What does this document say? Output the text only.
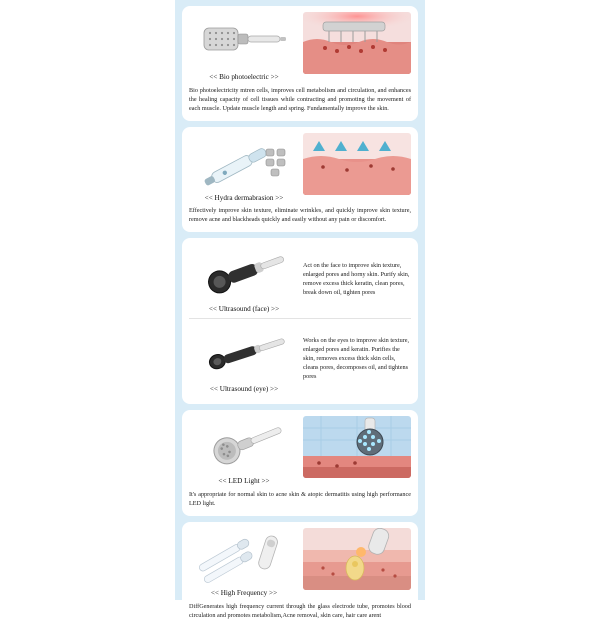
<< Bio photoelectric >>
Bio photoelectricity mtren cells, improves cell metabolism and circulation, and enhances the healing capacity of cell tissues while contracting and promoting the movement of each muscle. Update muscle length and spring. Fundamentally improve the skin.
<< Hydra dermabrasion >>
Effectively improve skin texture, eliminate wrinkles, and quickly improve skin texture, remove acne and blackheads quickly and easily without any pain or discomfort.
<< Ultrasound (face) >>
Act on the face to improve skin texture, enlarged pores and horny skin. Purify skin, remove excess thick keratin, clean pores, break down oil, tighten pores
<< Ultrasound (eye) >>
Works on the eyes to improve skin texture, enlarged pores and keratin. Purifies the skin, removes excess thick skin cells, cleans pores, decomposes oil, and tightens pores
<< LED Light >>
It's appropriate for normal skin to acne skin & atopic dermatitis using high performance LED light.
<< High Frequency >>
DiffGenerates high frequency current through the glass electrode tube, promotes blood circulation and promotes metabolism,Acne removal, skin care, hair care arent
